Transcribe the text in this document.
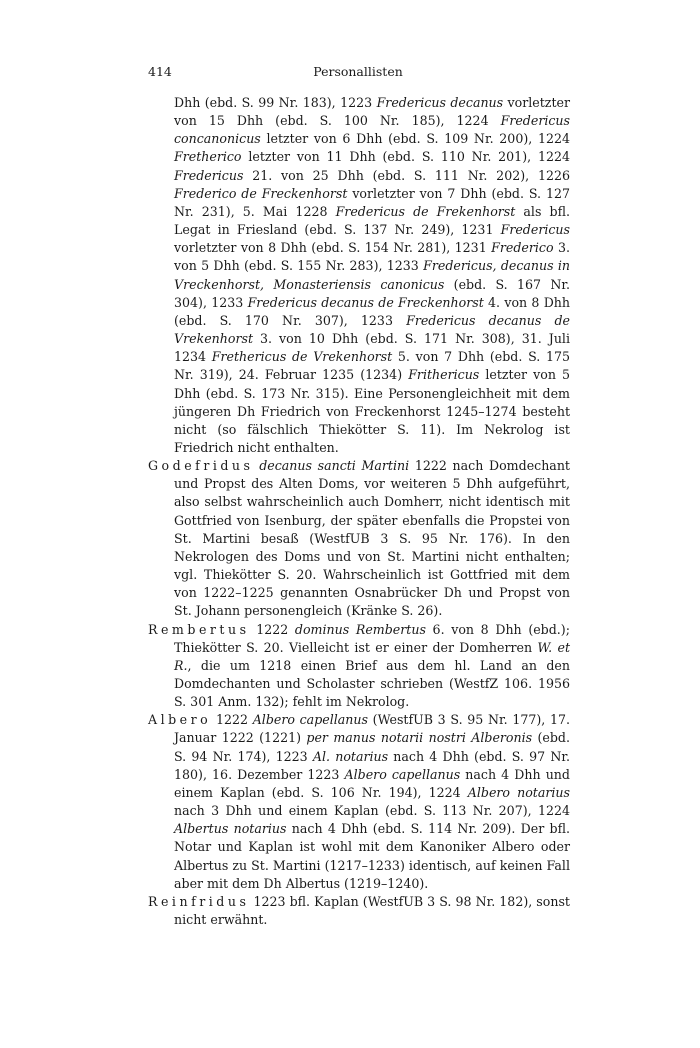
414	Personallisten

Dhh (ebd. S. 99 Nr. 183), 1223 Fredericus decanus vorletzter von 15 Dhh (ebd. S. 100 Nr. 185), 1224 Fredericus concanonicus letzter von 6 Dhh (ebd. S. 109 Nr. 200), 1224 Fretherico letzter von 11 Dhh (ebd. S. 110 Nr. 201), 1224 Fredericus 21. von 25 Dhh (ebd. S. 111 Nr. 202), 1226 Frederico de Freckenhorst vorletzter von 7 Dhh (ebd. S. 127 Nr. 231), 5. Mai 1228 Fredericus de Frekenhorst als bfl. Legat in Friesland (ebd. S. 137 Nr. 249), 1231 Fredericus vorletzter von 8 Dhh (ebd. S. 154 Nr. 281), 1231 Frederico 3. von 5 Dhh (ebd. S. 155 Nr. 283), 1233 Fredericus, decanus in Vreckenhorst, Monasteriensis canonicus (ebd. S. 167 Nr. 304), 1233 Fredericus decanus de Freckenhorst 4. von 8 Dhh (ebd. S. 170 Nr. 307), 1233 Fredericus decanus de Vrekenhorst 3. von 10 Dhh (ebd. S. 171 Nr. 308), 31. Juli 1234 Frethericus de Vrekenhorst 5. von 7 Dhh (ebd. S. 175 Nr. 319), 24. Februar 1235 (1234) Frithericus letzter von 5 Dhh (ebd. S. 173 Nr. 315). Eine Personengleichheit mit dem jüngeren Dh Friedrich von Freckenhorst 1245–1274 besteht nicht (so fälschlich Thiekötter S. 11). Im Nekrolog ist Friedrich nicht enthalten.

Godefridus decanus sancti Martini 1222 nach Domdechant und Propst des Alten Doms, vor weiteren 5 Dhh aufgeführt, also selbst wahrscheinlich auch Domherr, nicht identisch mit Gottfried von Isenburg, der später ebenfalls die Propstei von St. Martini besaß (WestfUB 3 S. 95 Nr. 176). In den Nekrologen des Doms und von St. Martini nicht enthalten; vgl. Thiekötter S. 20. Wahrscheinlich ist Gottfried mit dem von 1222–1225 genannten Osnabrücker Dh und Propst von St. Johann personengleich (Kränke S. 26).

Rembertus 1222 dominus Rembertus 6. von 8 Dhh (ebd.); Thiekötter S. 20. Vielleicht ist er einer der Domherren W. et R., die um 1218 einen Brief aus dem hl. Land an den Domdechanten und Scholaster schrieben (WestfZ 106. 1956 S. 301 Anm. 132); fehlt im Nekrolog.

Albero 1222 Albero capellanus (WestfUB 3 S. 95 Nr. 177), 17. Januar 1222 (1221) per manus notarii nostri Alberonis (ebd. S. 94 Nr. 174), 1223 Al. notarius nach 4 Dhh (ebd. S. 97 Nr. 180), 16. Dezember 1223 Albero capellanus nach 4 Dhh und einem Kaplan (ebd. S. 106 Nr. 194), 1224 Albero notarius nach 3 Dhh und einem Kaplan (ebd. S. 113 Nr. 207), 1224 Albertus notarius nach 4 Dhh (ebd. S. 114 Nr. 209). Der bfl. Notar und Kaplan ist wohl mit dem Kanoniker Albero oder Albertus zu St. Martini (1217–1233) identisch, auf keinen Fall aber mit dem Dh Albertus (1219–1240).

Reinfridus 1223 bfl. Kaplan (WestfUB 3 S. 98 Nr. 182), sonst nicht erwähnt.
